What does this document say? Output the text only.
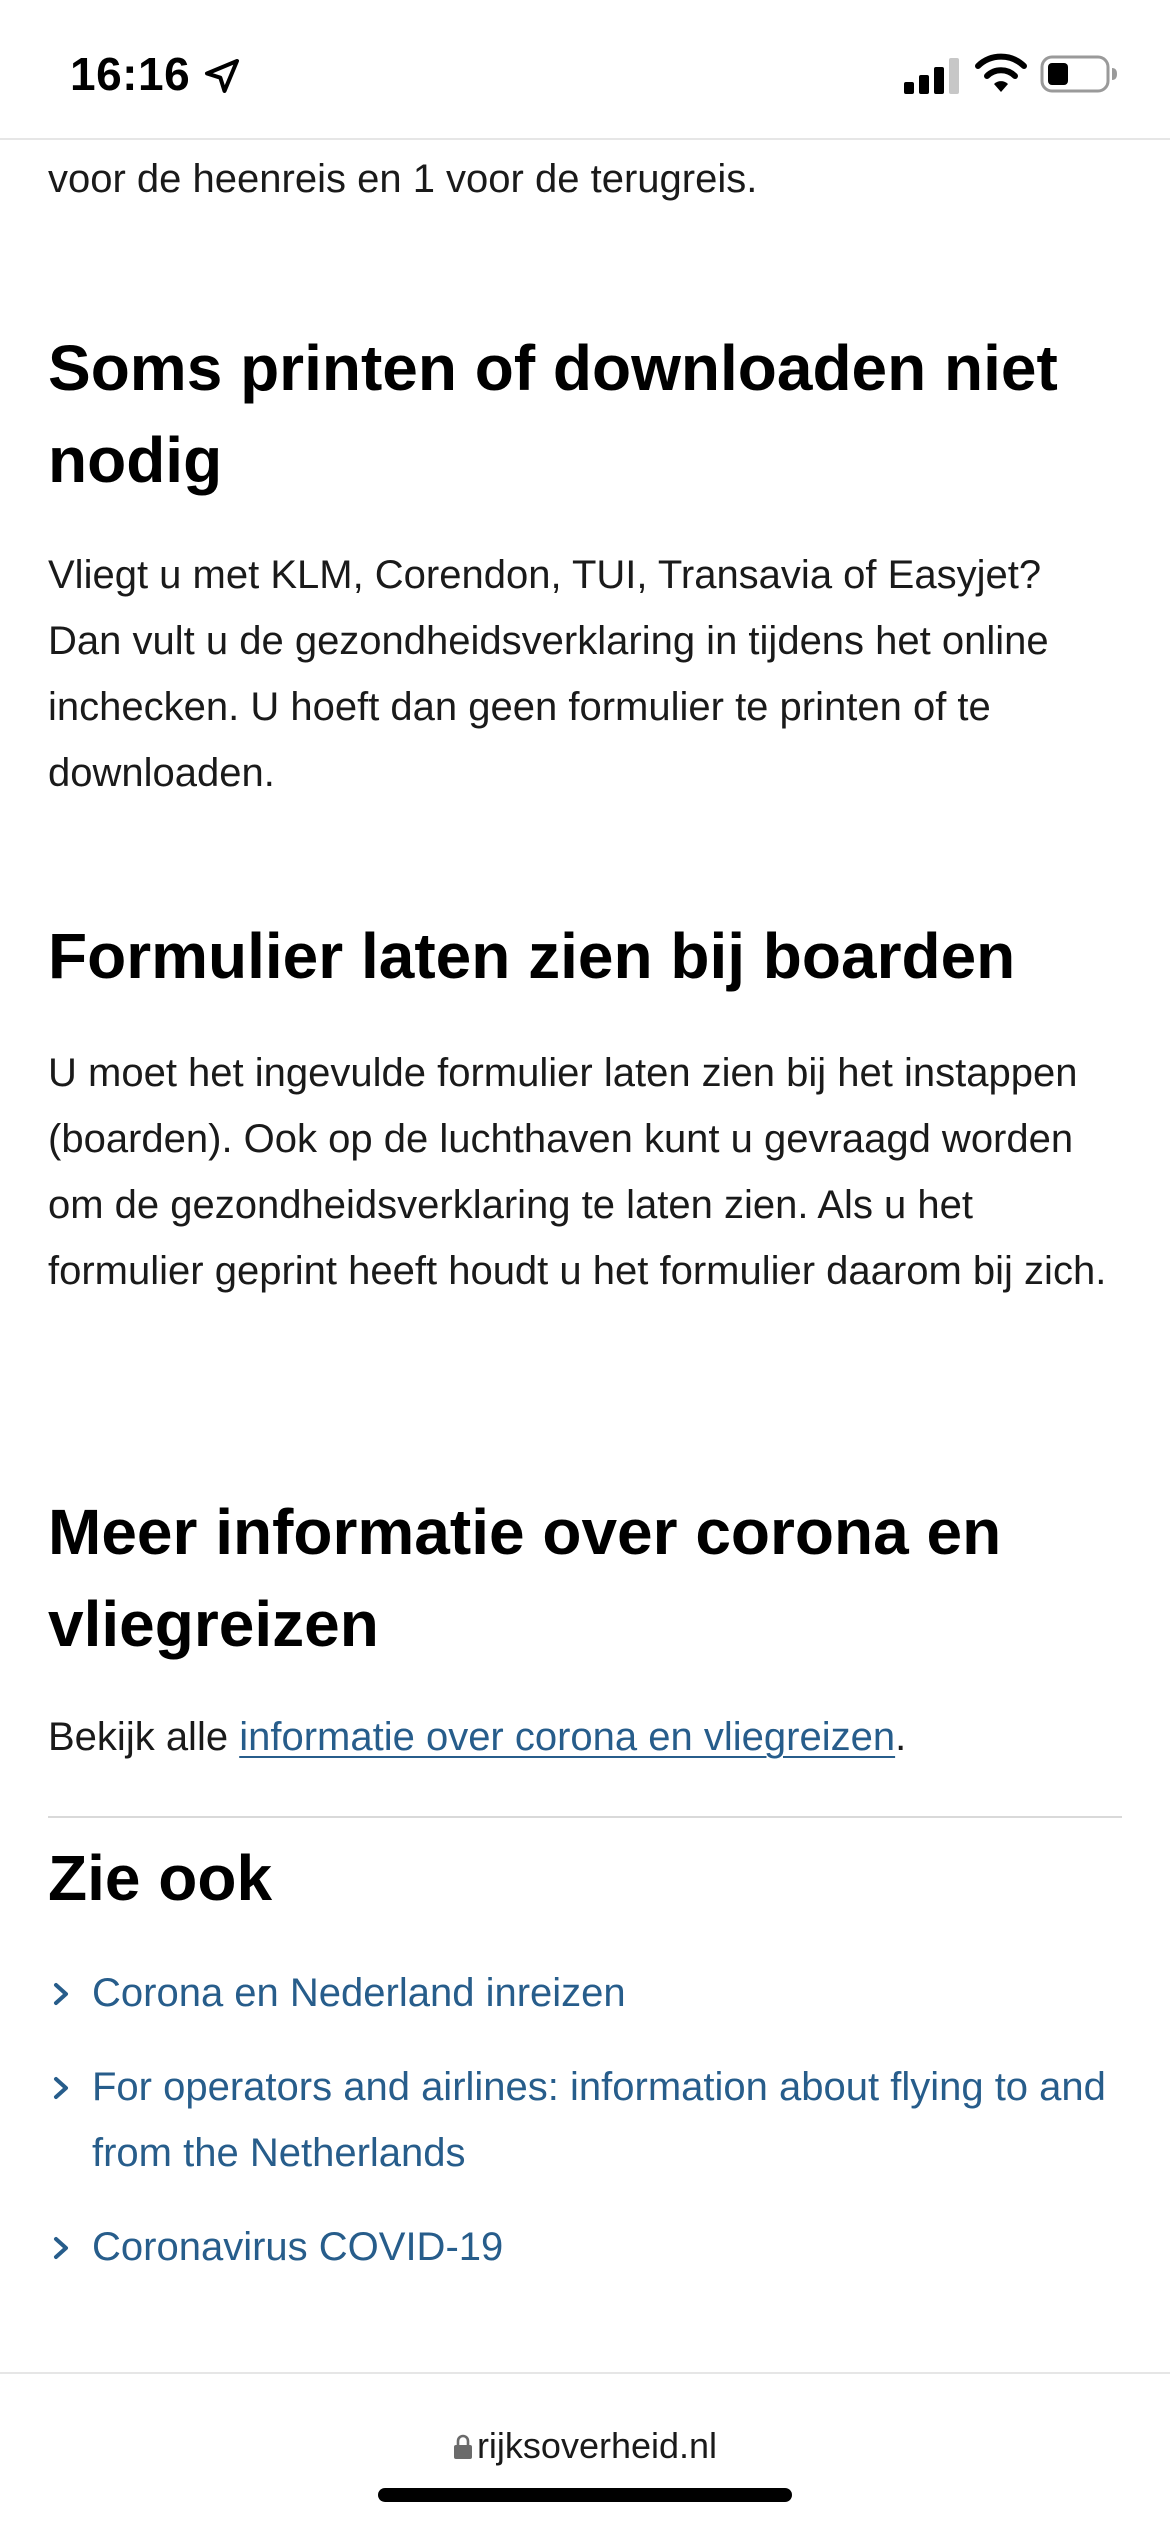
16:16

voor de heenreis en 1 voor de terugreis.

Soms printen of downloaden niet nodig

Vliegt u met KLM, Corendon, TUI, Transavia of Easyjet? Dan vult u de gezondheidsverklaring in tijdens het online inchecken. U hoeft dan geen formulier te printen of te downloaden.

Formulier laten zien bij boarden

U moet het ingevulde formulier laten zien bij het instappen (boarden). Ook op de luchthaven kunt u gevraagd worden om de gezondheidsverklaring te laten zien. Als u het formulier geprint heeft houdt u het formulier daarom bij zich.

Meer informatie over corona en vliegreizen

Bekijk alle informatie over corona en vliegreizen.

Zie ook
Corona en Nederland inreizen
For operators and airlines: information about flying to and from the Netherlands
Coronavirus COVID-19
rijksoverheid.nl
